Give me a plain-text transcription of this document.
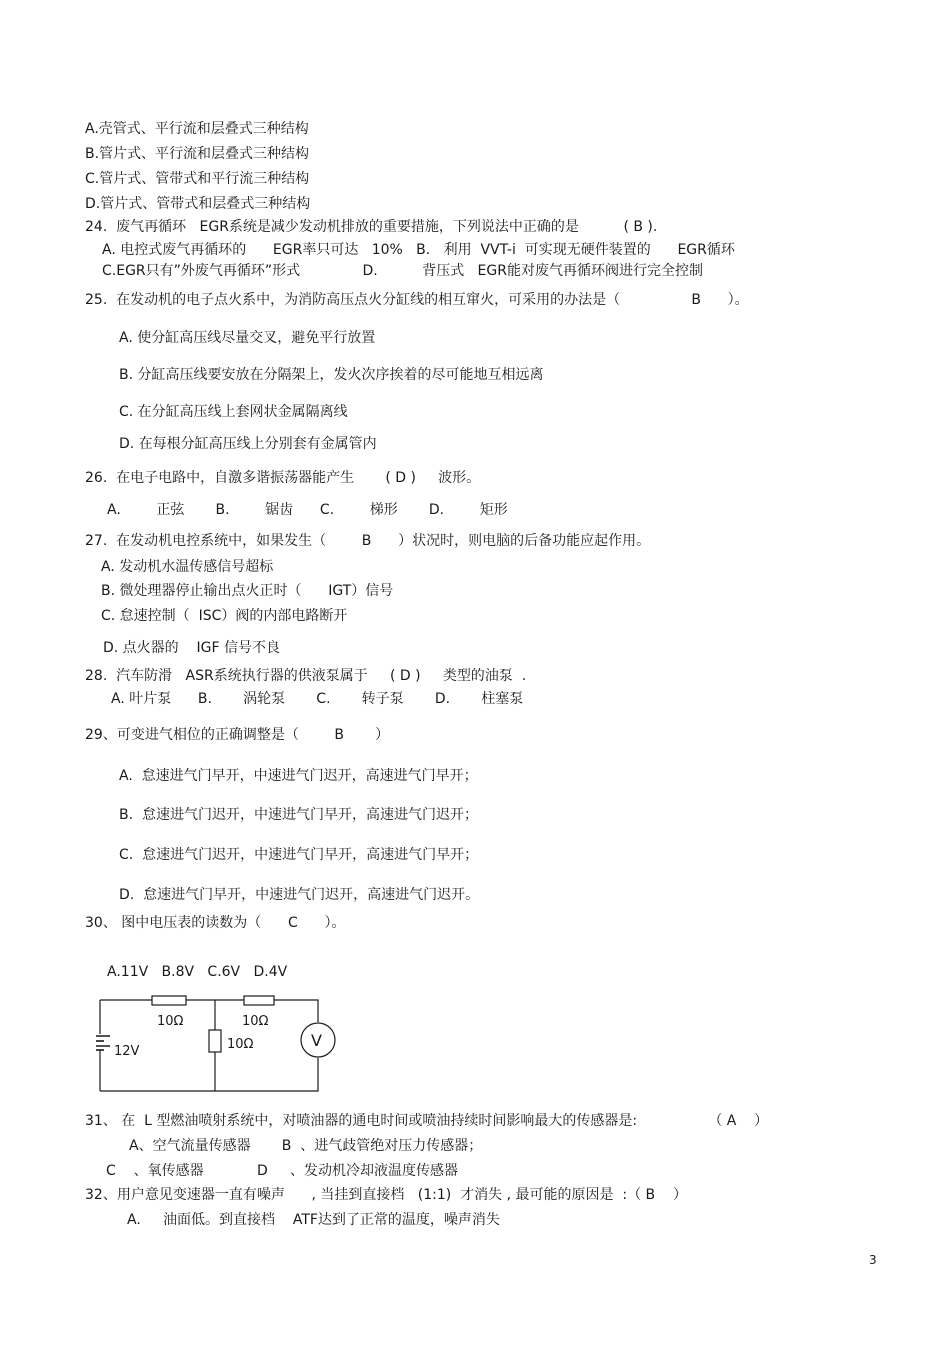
A.壳管式、平行流和层叠式三种结构
B.管片式、平行流和层叠式三种结构
C.管片式、管带式和平行流三种结构
D.管片式、管带式和层叠式三种结构
24.  废气再循环   EGR系统是减少发动机排放的重要措施，下列说法中正确的是          ( B ).
A. 电控式废气再循环的      EGR率只可达   10%   B.   利用  VVT-i  可实现无硬件装置的      EGR循环
C.EGR只有”外废气再循环”形式              D.          背压式   EGR能对废气再循环阀进行完全控制
25.  在发动机的电子点火系中，为消防高压点火分缸线的相互窜火，可采用的办法是（                B      ）。
A. 使分缸高压线尽量交叉，避免平行放置
B. 分缸高压线要安放在分隔架上，发火次序挨着的尽可能地互相远离
C. 在分缸高压线上套网状金属隔离线
D. 在每根分缸高压线上分别套有金属管内
26.  在电子电路中，自激多谐振荡器能产生       ( D )     波形。
A.        正弦       B.        锯齿      C.        梯形       D.        矩形
27.  在发动机电控系统中，如果发生（        B      ）状况时，则电脑的后备功能应起作用。
A. 发动机水温传感信号超标
B. 微处理器停止输出点火正时（      IGT）信号
C. 怠速控制（  ISC）阀的内部电路断开
D. 点火器的    IGF 信号不良
28.  汽车防滑   ASR系统执行器的供液泵属于     ( D )     类型的油泵  .
A. 叶片泵      B.       涡轮泵       C.       转子泵       D.       柱塞泵
29、可变进气相位的正确调整是（        B       ）
A.  怠速进气门早开，中速进气门迟开，高速进气门早开；
B.  怠速进气门迟开，中速进气门早开，高速进气门迟开；
C.  怠速进气门迟开，中速进气门早开，高速进气门早开；
D.  怠速进气门早开，中速进气门迟开，高速进气门迟开。
30、 图中电压表的读数为（      C      ）。
A.11V   B.8V   C.6V   D.4V
10Ω	10Ω
10Ω
12V
V
31、 在  L 型燃油喷射系统中，对喷油器的通电时间或喷油持续时间影响最大的传感器是:                （ A    ）
A、空气流量传感器       B  、进气歧管绝对压力传感器；
C    、氧传感器            D     、发动机冷却液温度传感器
32、用户意见变速器一直有噪声      , 当挂到直接档   (1:1)  才消失 , 最可能的原因是  :（ B    ）
A.     油面低。到直接档    ATF达到了正常的温度，噪声消失
3
